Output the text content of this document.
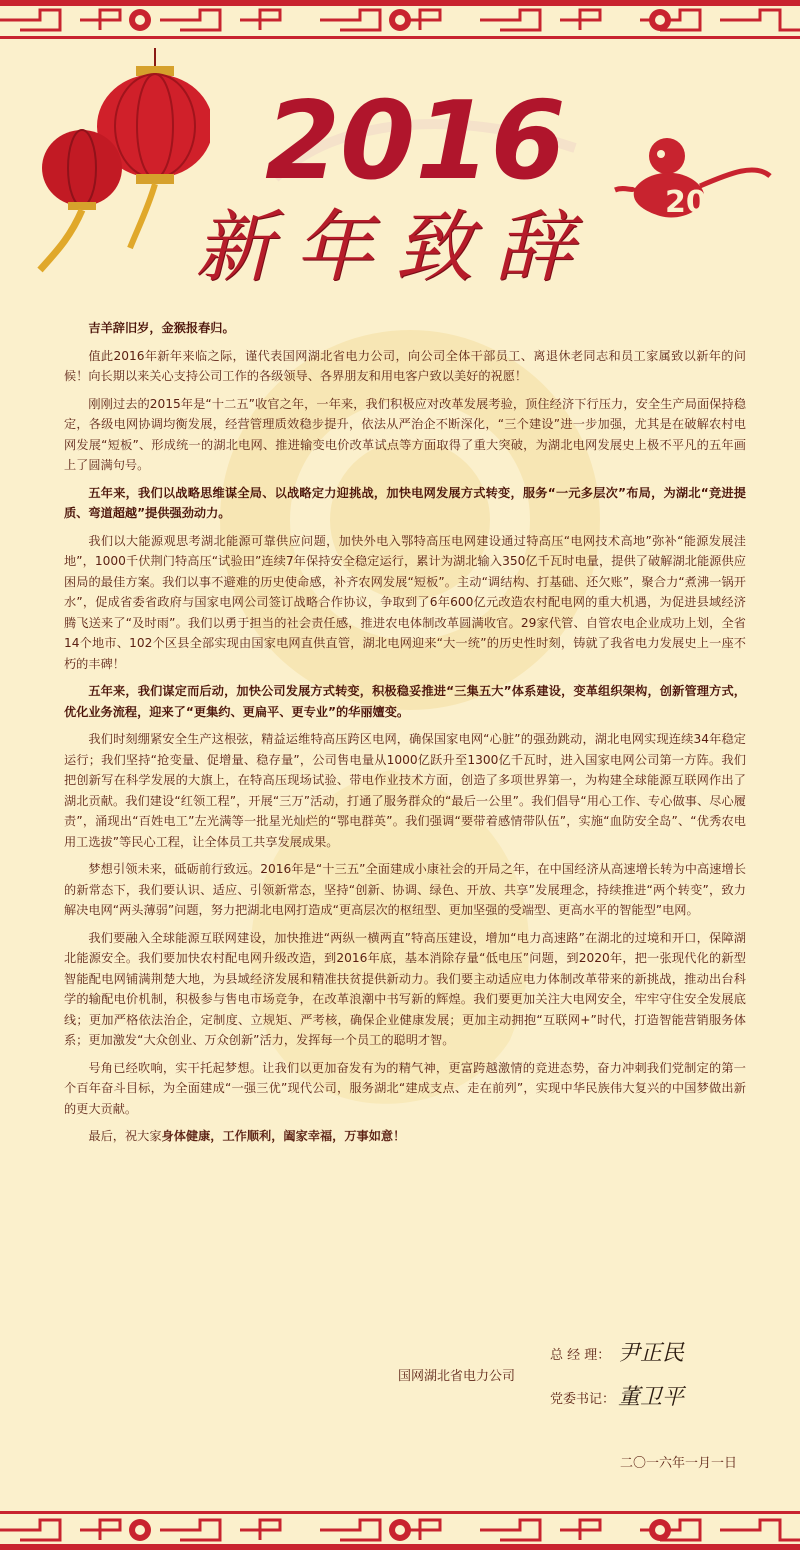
2016	2016
新年致辞

吉羊辞旧岁，金猴报春归。

值此2016年新年来临之际，谨代表国网湖北省电力公司，向公司全体干部员工、离退休老同志和员工家属致以新年的问候！向长期以来关心支持公司工作的各级领导、各界朋友和用电客户致以美好的祝愿！

刚刚过去的2015年是“十二五”收官之年，一年来，我们积极应对改革发展考验，顶住经济下行压力，安全生产局面保持稳定，各级电网协调均衡发展，经营管理质效稳步提升，依法从严治企不断深化，“三个建设”进一步加强，尤其是在破解农村电网发展“短板”、形成统一的湖北电网、推进输变电价改革试点等方面取得了重大突破，为湖北电网发展史上极不平凡的五年画上了圆满句号。

五年来，我们以战略思维谋全局、以战略定力迎挑战，加快电网发展方式转变，服务“一元多层次”布局，为湖北“竞进提质、弯道超越”提供强劲动力。

我们以大能源观思考湖北能源可靠供应问题，加快外电入鄂特高压电网建设通过特高压“电网技术高地”弥补“能源发展洼地”，1000千伏荆门特高压“试验田”连续7年保持安全稳定运行，累计为湖北输入350亿千瓦时电量，提供了破解湖北能源供应困局的最佳方案。我们以事不避难的历史使命感，补齐农网发展“短板”。主动“调结构、打基础、还欠账”，聚合力“煮沸一锅开水”，促成省委省政府与国家电网公司签订战略合作协议，争取到了6年600亿元改造农村配电网的重大机遇，为促进县域经济腾飞送来了“及时雨”。我们以勇于担当的社会责任感，推进农电体制改革圆满收官。29家代管、自管农电企业成功上划，全省14个地市、102个区县全部实现由国家电网直供直管，湖北电网迎来“大一统”的历史性时刻，铸就了我省电力发展史上一座不朽的丰碑！

五年来，我们谋定而后动，加快公司发展方式转变，积极稳妥推进“三集五大”体系建设，变革组织架构，创新管理方式，优化业务流程，迎来了“更集约、更扁平、更专业”的华丽嬗变。

我们时刻绷紧安全生产这根弦，精益运维特高压跨区电网，确保国家电网“心脏”的强劲跳动，湖北电网实现连续34年稳定运行；我们坚持“抢变量、促增量、稳存量”，公司售电量从1000亿跃升至1300亿千瓦时，进入国家电网公司第一方阵。我们把创新写在科学发展的大旗上，在特高压现场试验、带电作业技术方面，创造了多项世界第一，为构建全球能源互联网作出了湖北贡献。我们建设“红领工程”，开展“三万”活动，打通了服务群众的“最后一公里”。我们倡导“用心工作、专心做事、尽心履责”，涌现出“百姓电工”左光满等一批星光灿烂的“鄂电群英”。我们强调“要带着感情带队伍”，实施“血防安全岛”、“优秀农电用工选拔”等民心工程，让全体员工共享发展成果。

梦想引领未来，砥砺前行致远。2016年是“十三五”全面建成小康社会的开局之年，在中国经济从高速增长转为中高速增长的新常态下，我们要认识、适应、引领新常态，坚持“创新、协调、绿色、开放、共享”发展理念，持续推进“两个转变”，致力解决电网“两头薄弱”问题，努力把湖北电网打造成“更高层次的枢纽型、更加坚强的受端型、更高水平的智能型”电网。

我们要融入全球能源互联网建设，加快推进“两纵一横两直”特高压建设，增加“电力高速路”在湖北的过境和开口，保障湖北能源安全。我们要加快农村配电网升级改造，到2016年底，基本消除存量“低电压”问题，到2020年，把一张现代化的新型智能配电网铺满荆楚大地，为县域经济发展和精准扶贫提供新动力。我们要主动适应电力体制改革带来的新挑战，推动出台科学的输配电价机制，积极参与售电市场竞争，在改革浪潮中书写新的辉煌。我们要更加关注大电网安全，牢牢守住安全发展底线；更加严格依法治企，定制度、立规矩、严考核，确保企业健康发展；更加主动拥抱“互联网+”时代，打造智能营销服务体系；更加激发“大众创业、万众创新”活力，发挥每一个员工的聪明才智。

号角已经吹响，实干托起梦想。让我们以更加奋发有为的精气神，更富跨越激情的竞进态势，奋力冲刺我们党制定的第一个百年奋斗目标，为全面建成“一强三优”现代公司，服务湖北“建成支点、走在前列”，实现中华民族伟大复兴的中国梦做出新的更大贡献。

最后，祝大家身体健康，工作顺利，阖家幸福，万事如意！

总 经 理： 尹正民
国网湖北省电力公司
党委书记： 董卫平
二〇一六年一月一日
